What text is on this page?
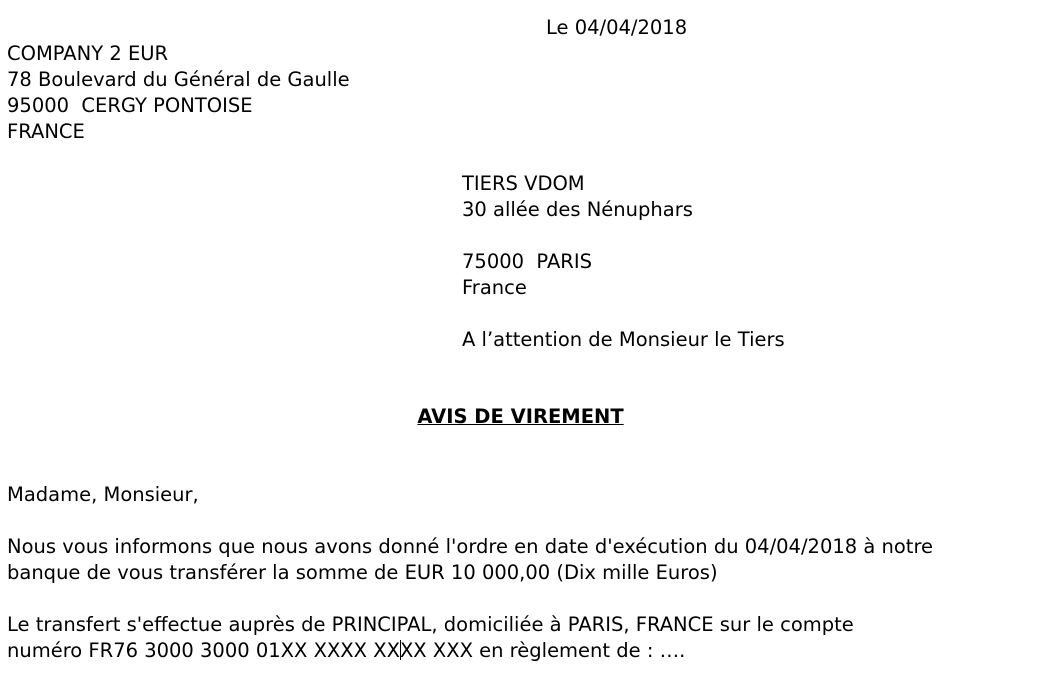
Le 04/04/2018
COMPANY 2 EUR
78 Boulevard du Général de Gaulle
95000  CERGY PONTOISE
FRANCE
TIERS VDOM
30 allée des Nénuphars
75000  PARIS
France
A l’attention de Monsieur le Tiers
AVIS DE VIREMENT
Madame, Monsieur,
Nous vous informons que nous avons donné l'ordre en date d'exécution du 04/04/2018 à notre
banque de vous transférer la somme de EUR 10 000,00 (Dix mille Euros)
Le transfert s'effectue auprès de PRINCIPAL, domiciliée à PARIS, FRANCE sur le compte
numéro FR76 3000 3000 01XX XXXX XXXX XXX en règlement de : ….
